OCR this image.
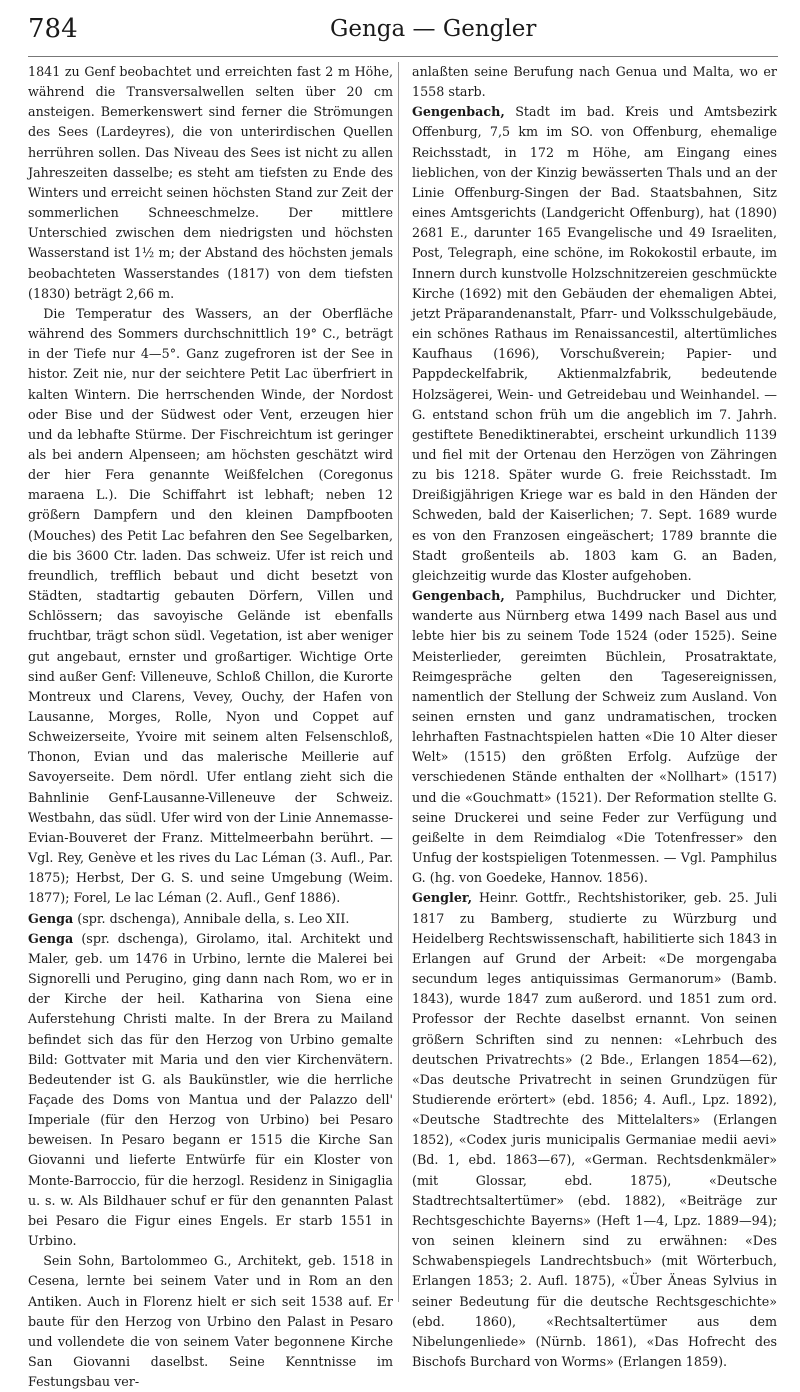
784	Genga — Gengler

1841 zu Genf beobachtet und erreichten fast 2 m Höhe, während die Transversalwellen selten über 20 cm ansteigen. Bemerkenswert sind ferner die Strömungen des Sees (Lardeyres), die von unterirdischen Quellen herrühren sollen. Das Niveau des Sees ist nicht zu allen Jahreszeiten dasselbe; es steht am tiefsten zu Ende des Winters und erreicht seinen höchsten Stand zur Zeit der sommerlichen Schneeschmelze. Der mittlere Unterschied zwischen dem niedrigsten und höchsten Wasserstand ist 1½ m; der Abstand des höchsten jemals beobachteten Wasserstandes (1817) von dem tiefsten (1830) beträgt 2,66 m.

Die Temperatur des Wassers, an der Oberfläche während des Sommers durchschnittlich 19° C., beträgt in der Tiefe nur 4—5°. Ganz zugefroren ist der See in histor. Zeit nie, nur der seichtere Petit Lac überfriert in kalten Wintern. Die herrschenden Winde, der Nordost oder Bise und der Südwest oder Vent, erzeugen hier und da lebhafte Stürme. Der Fischreichtum ist geringer als bei andern Alpenseen; am höchsten geschätzt wird der hier Fera genannte Weißfelchen (Coregonus maraena L.). Die Schiffahrt ist lebhaft; neben 12 größern Dampfern und den kleinen Dampfbooten (Mouches) des Petit Lac befahren den See Segelbarken, die bis 3600 Ctr. laden. Das schweiz. Ufer ist reich und freundlich, trefflich bebaut und dicht besetzt von Städten, stadtartig gebauten Dörfern, Villen und Schlössern; das savoyische Gelände ist ebenfalls fruchtbar, trägt schon südl. Vegetation, ist aber weniger gut angebaut, ernster und großartiger. Wichtige Orte sind außer Genf: Villeneuve, Schloß Chillon, die Kurorte Montreux und Clarens, Vevey, Ouchy, der Hafen von Lausanne, Morges, Rolle, Nyon und Coppet auf Schweizerseite, Yvoire mit seinem alten Felsenschloß, Thonon, Evian und das malerische Meillerie auf Savoyerseite. Dem nördl. Ufer entlang zieht sich die Bahnlinie Genf-Lausanne-Villeneuve der Schweiz. Westbahn, das südl. Ufer wird von der Linie Annemasse-Evian-Bouveret der Franz. Mittelmeerbahn berührt. — Vgl. Rey, Genève et les rives du Lac Léman (3. Aufl., Par. 1875); Herbst, Der G. S. und seine Umgebung (Weim. 1877); Forel, Le lac Léman (2. Aufl., Genf 1886).

Genga (spr. dschenga), Annibale della, s. Leo XII.

Genga (spr. dschenga), Girolamo, ital. Architekt und Maler, geb. um 1476 in Urbino, lernte die Malerei bei Signorelli und Perugino, ging dann nach Rom, wo er in der Kirche der heil. Katharina von Siena eine Auferstehung Christi malte. In der Brera zu Mailand befindet sich das für den Herzog von Urbino gemalte Bild: Gottvater mit Maria und den vier Kirchenvätern. Bedeutender ist G. als Baukünstler, wie die herrliche Façade des Doms von Mantua und der Palazzo dell' Imperiale (für den Herzog von Urbino) bei Pesaro beweisen. In Pesaro begann er 1515 die Kirche San Giovanni und lieferte Entwürfe für ein Kloster von Monte-Barroccio, für die herzogl. Residenz in Sinigaglia u. s. w. Als Bildhauer schuf er für den genannten Palast bei Pesaro die Figur eines Engels. Er starb 1551 in Urbino.

Sein Sohn, Bartolommeo G., Architekt, geb. 1518 in Cesena, lernte bei seinem Vater und in Rom an den Antiken. Auch in Florenz hielt er sich seit 1538 auf. Er baute für den Herzog von Urbino den Palast in Pesaro und vollendete die von seinem Vater begonnene Kirche San Giovanni daselbst. Seine Kenntnisse im Festungsbau ver-

anlaßten seine Berufung nach Genua und Malta, wo er 1558 starb.

Gengenbach, Stadt im bad. Kreis und Amtsbezirk Offenburg, 7,5 km im SO. von Offenburg, ehemalige Reichsstadt, in 172 m Höhe, am Eingang eines lieblichen, von der Kinzig bewässerten Thals und an der Linie Offenburg-Singen der Bad. Staatsbahnen, Sitz eines Amtsgerichts (Landgericht Offenburg), hat (1890) 2681 E., darunter 165 Evangelische und 49 Israeliten, Post, Telegraph, eine schöne, im Rokokostil erbaute, im Innern durch kunstvolle Holzschnitzereien geschmückte Kirche (1692) mit den Gebäuden der ehemaligen Abtei, jetzt Präparandenanstalt, Pfarr- und Volksschulgebäude, ein schönes Rathaus im Renaissancestil, altertümliches Kaufhaus (1696), Vorschußverein; Papier- und Pappdeckelfabrik, Aktienmalzfabrik, bedeutende Holzsägerei, Wein- und Getreidebau und Weinhandel. — G. entstand schon früh um die angeblich im 7. Jahrh. gestiftete Benediktinerabtei, erscheint urkundlich 1139 und fiel mit der Ortenau den Herzögen von Zähringen zu bis 1218. Später wurde G. freie Reichsstadt. Im Dreißigjährigen Kriege war es bald in den Händen der Schweden, bald der Kaiserlichen; 7. Sept. 1689 wurde es von den Franzosen eingeäschert; 1789 brannte die Stadt großenteils ab. 1803 kam G. an Baden, gleichzeitig wurde das Kloster aufgehoben.

Gengenbach, Pamphilus, Buchdrucker und Dichter, wanderte aus Nürnberg etwa 1499 nach Basel aus und lebte hier bis zu seinem Tode 1524 (oder 1525). Seine Meisterlieder, gereimten Büchlein, Prosatraktate, Reimgespräche gelten den Tagesereignissen, namentlich der Stellung der Schweiz zum Ausland. Von seinen ernsten und ganz undramatischen, trocken lehrhaften Fastnachtspielen hatten «Die 10 Alter dieser Welt» (1515) den größten Erfolg. Aufzüge der verschiedenen Stände enthalten der «Nollhart» (1517) und die «Gouchmatt» (1521). Der Reformation stellte G. seine Druckerei und seine Feder zur Verfügung und geißelte in dem Reimdialog «Die Totenfresser» den Unfug der kostspieligen Totenmessen. — Vgl. Pamphilus G. (hg. von Goedeke, Hannov. 1856).

Gengler, Heinr. Gottfr., Rechtshistoriker, geb. 25. Juli 1817 zu Bamberg, studierte zu Würzburg und Heidelberg Rechtswissenschaft, habilitierte sich 1843 in Erlangen auf Grund der Arbeit: «De morgengaba secundum leges antiquissimas Germanorum» (Bamb. 1843), wurde 1847 zum außerord. und 1851 zum ord. Professor der Rechte daselbst ernannt. Von seinen größern Schriften sind zu nennen: «Lehrbuch des deutschen Privatrechts» (2 Bde., Erlangen 1854—62), «Das deutsche Privatrecht in seinen Grundzügen für Studierende erörtert» (ebd. 1856; 4. Aufl., Lpz. 1892), «Deutsche Stadtrechte des Mittelalters» (Erlangen 1852), «Codex juris municipalis Germaniae medii aevi» (Bd. 1, ebd. 1863—67), «German. Rechtsdenkmäler» (mit Glossar, ebd. 1875), «Deutsche Stadtrechtsaltertümer» (ebd. 1882), «Beiträge zur Rechtsgeschichte Bayerns» (Heft 1—4, Lpz. 1889—94); von seinen kleinern sind zu erwähnen: «Des Schwabenspiegels Landrechtsbuch» (mit Wörterbuch, Erlangen 1853; 2. Aufl. 1875), «Über Äneas Sylvius in seiner Bedeutung für die deutsche Rechtsgeschichte» (ebd. 1860), «Rechtsaltertümer aus dem Nibelungenliede» (Nürnb. 1861), «Das Hofrecht des Bischofs Burchard von Worms» (Erlangen 1859).
